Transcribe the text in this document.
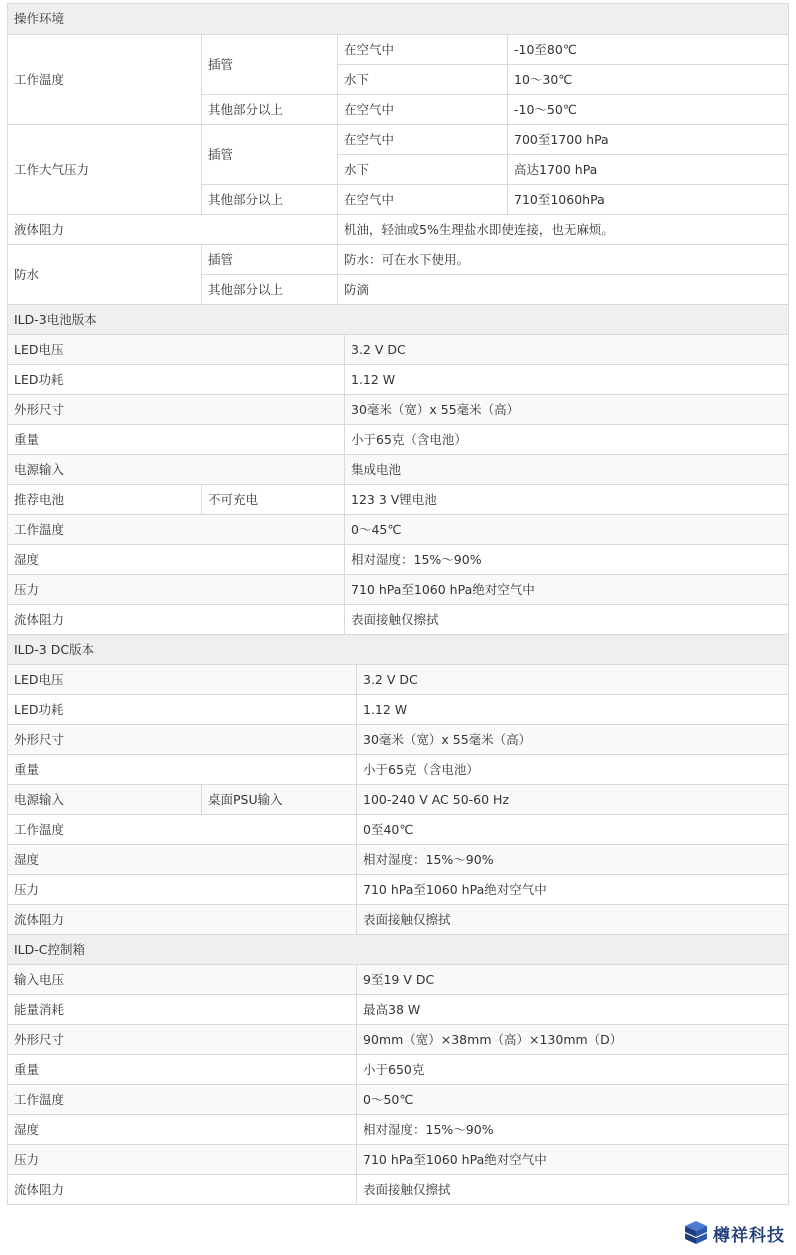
操作环境			
工作温度	插管	在空气中	-10至80℃
		水下	10〜30℃
	其他部分以上	在空气中	-10〜50℃
工作大气压力	插管	在空气中	700至1700 hPa
		水下	高达1700 hPa
	其他部分以上	在空气中	710至1060hPa
液体阻力		机油，轻油或5%生理盐水即使连接，也无麻烦。	
防水	插管	防水：可在水下使用。	
	其他部分以上	防滴	
ILD-3电池版本		
LED电压		3.2 V DC
LED功耗		1.12 W
外形尺寸		30毫米（宽）x 55毫米（高）
重量		小于65克（含电池）
电源输入		集成电池
推荐电池	不可充电	123 3 V锂电池
工作温度		0〜45℃
湿度		相对湿度：15%〜90%
压力		710 hPa至1060 hPa绝对空气中
流体阻力		表面接触仅擦拭
ILD-3 DC版本		
LED电压		3.2 V DC
LED功耗		1.12 W
外形尺寸		30毫米（宽）x 55毫米（高）
重量		小于65克（含电池）
电源输入	桌面PSU输入	100-240 V AC 50-60 Hz
工作温度		0至40℃
湿度		相对湿度：15%〜90%
压力		710 hPa至1060 hPa绝对空气中
流体阻力		表面接触仅擦拭
ILD-C控制箱	
输入电压	9至19 V DC
能量消耗	最高38 W
外形尺寸	90mm（宽）×38mm（高）×130mm（D）
重量	小于650克
工作温度	0〜50℃
湿度	相对湿度：15%〜90%
压力	710 hPa至1060 hPa绝对空气中
流体阻力	表面接触仅擦拭
樽祥科技
